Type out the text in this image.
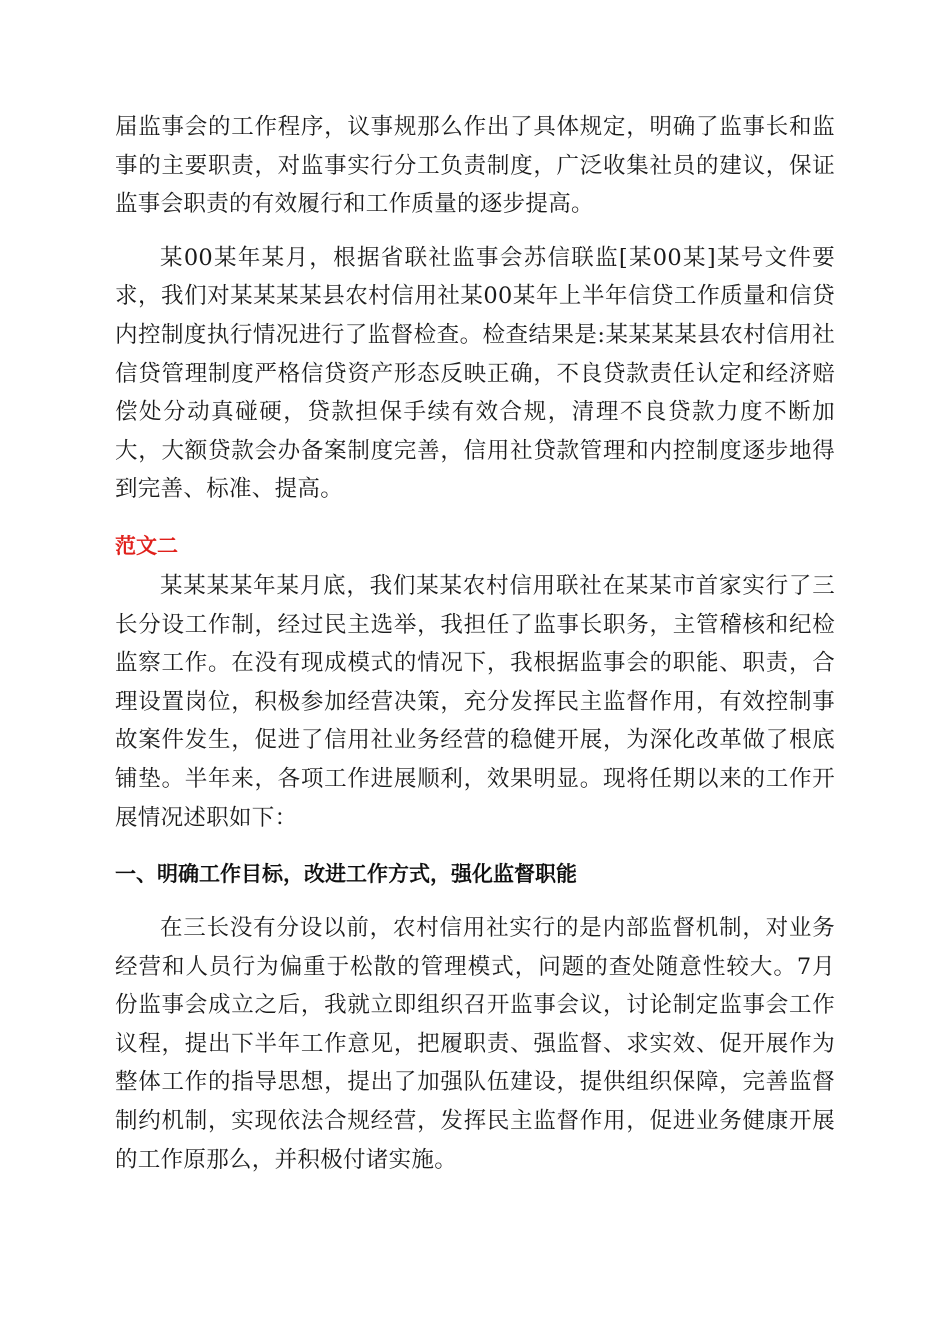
届监事会的工作程序，议事规那么作出了具体规定，明确了监事长和监事的主要职责，对监事实行分工负责制度，广泛收集社员的建议，保证监事会职责的有效履行和工作质量的逐步提高。

某00某年某月，根据省联社监事会苏信联监[某00某]某号文件要求，我们对某某某某县农村信用社某00某年上半年信贷工作质量和信贷内控制度执行情况进行了监督检查。检查结果是:某某某某县农村信用社信贷管理制度严格信贷资产形态反映正确，不良贷款责任认定和经济赔偿处分动真碰硬，贷款担保手续有效合规，清理不良贷款力度不断加大，大额贷款会办备案制度完善，信用社贷款管理和内控制度逐步地得到完善、标准、提高。

范文二

某某某某年某月底，我们某某农村信用联社在某某市首家实行了三长分设工作制，经过民主选举，我担任了监事长职务，主管稽核和纪检监察工作。在没有现成模式的情况下，我根据监事会的职能、职责，合理设置岗位，积极参加经营决策，充分发挥民主监督作用，有效控制事故案件发生，促进了信用社业务经营的稳健开展，为深化改革做了根底铺垫。半年来，各项工作进展顺利，效果明显。现将任期以来的工作开展情况述职如下：

一、明确工作目标，改进工作方式，强化监督职能

在三长没有分设以前，农村信用社实行的是内部监督机制，对业务经营和人员行为偏重于松散的管理模式，问题的查处随意性较大。7月份监事会成立之后，我就立即组织召开监事会议，讨论制定监事会工作议程，提出下半年工作意见，把履职责、强监督、求实效、促开展作为整体工作的指导思想，提出了加强队伍建设，提供组织保障，完善监督制约机制，实现依法合规经营，发挥民主监督作用，促进业务健康开展的工作原那么，并积极付诸实施。
